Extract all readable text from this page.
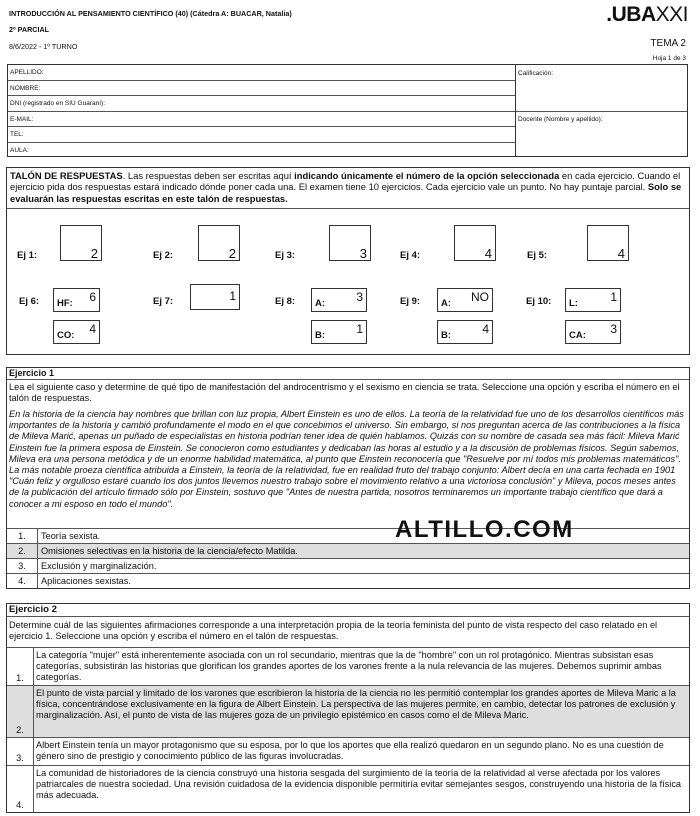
INTRODUCCIÓN AL PENSAMIENTO CIENTÍFICO (40) (Cátedra A: BUACAR, Natalia)
2º PARCIAL
8/6/2022 - 1º TURNO
.UBAXXI
TEMA 2
Hoja 1 de 3
APELLIDO:
NOMBRE:
DNI (registrado en SIU Guaraní):
E-MAIL:
TEL:
AULA:
Calificación:
Docente (Nombre y apellido):
TALÓN DE RESPUESTAS. Las respuestas deben ser escritas aquí indicando únicamente el número de la opción seleccionada en cada ejercicio. Cuando el ejercicio pida dos respuestas estará indicado dónde poner cada una. El examen tiene 10 ejercicios. Cada ejercicio vale un punto. No hay puntaje parcial. Solo se evaluarán las respuestas escritas en este talón de respuestas.
Ej 1:	2	Ej 2:	2	Ej 3:	3	Ej 4:	4	Ej 5:	4
Ej 6: HF: 6
CO: 4
Ej 7:	1	Ej 8: A:	3
B:	1
Ej 9: A: NO
B:	4
Ej 10: L:	1
CA: 3
Ejercicio 1
Lea el siguiente caso y determine de qué tipo de manifestación del androcentrismo y el sexismo en ciencia se trata. Seleccione una opción y escriba el número en el talón de respuestas.
En la historia de la ciencia hay nombres que brillan con luz propia, Albert Einstein es uno de ellos. La teoría de la relatividad fue uno de los desarrollos científicos más importantes de la historia y cambió profundamente el modo en el que concebimos el universo. Sin embargo, si nos preguntan acerca de las contribuciones a la física de Mileva Marić, apenas un puñado de especialistas en historia podrían tener idea de quién hablamos. Quizás con su nombre de casada sea más fácil: Mileva Marić Einstein fue la primera esposa de Einstein. Se conocieron como estudiantes y dedicaban las horas al estudio y a la discusión de problemas físicos. Según sabemos, Mileva era una persona metódica y de un enorme habilidad matemática, al punto que Einstein reconocería que "Resuelve por mí todos mis problemas matemáticos". La más notable proeza científica atribuida a Einstein, la teoría de la relatividad, fue en realidad fruto del trabajo conjunto: Albert decía en una carta fechada en 1901 "Cuán feliz y orgulloso estaré cuando los dos juntos llevemos nuestro trabajo sobre el movimiento relativo a una victoriosa conclusión" y Mileva, pocos meses antes de la publicación del artículo firmado sólo por Einstein, sostuvo que "Antes de nuestra partida, nosotros terminaremos un importante trabajo científico que dará a conocer a mi esposo en todo el mundo".
1.	Teoría sexista.
2.	Omisiones selectivas en la historia de la ciencia/efecto Matilda.
3.	Exclusión y marginalización.
4.	Aplicaciones sexistas.
ALTILLO.COM
Ejercicio 2
Determine cuál de las siguientes afirmaciones corresponde a una interpretación propia de la teoría feminista del punto de vista respecto del caso relatado en el ejercicio 1. Seleccione una opción y escriba el número en el talón de respuestas.
1.
La categoría "mujer" está inherentemente asociada con un rol secundario, mientras que la de "hombre" con un rol protagónico. Mientras subsistan esas categorías, subsistirán las historias que glorifican los grandes aportes de los varones frente a la nula relevancia de las mujeres. Debemos suprimir ambas categorías.
2.
El punto de vista parcial y limitado de los varones que escribieron la historia de la ciencia no les permitió contemplar los grandes aportes de Mileva Maric a la física, concentrándose exclusivamente en la figura de Albert Einstein. La perspectiva de las mujeres permite, en cambio, detectar los patrones de exclusión y marginalización. Así, el punto de vista de las mujeres goza de un privilegio epistémico en casos como el de Mileva Maric.
3.
Albert Einstein tenía un mayor protagonismo que su esposa, por lo que los aportes que ella realizó quedaron en un segundo plano. No es una cuestión de género sino de prestigio y conocimiento público de las figuras involucradas.
4.
La comunidad de historiadores de la ciencia construyó una historia sesgada del surgimiento de la teoría de la relatividad al verse afectada por los valores patriarcales de nuestra sociedad. Una revisión cuidadosa de la evidencia disponible permitiría evitar semejantes sesgos, construyendo una historia de la física más adecuada.
